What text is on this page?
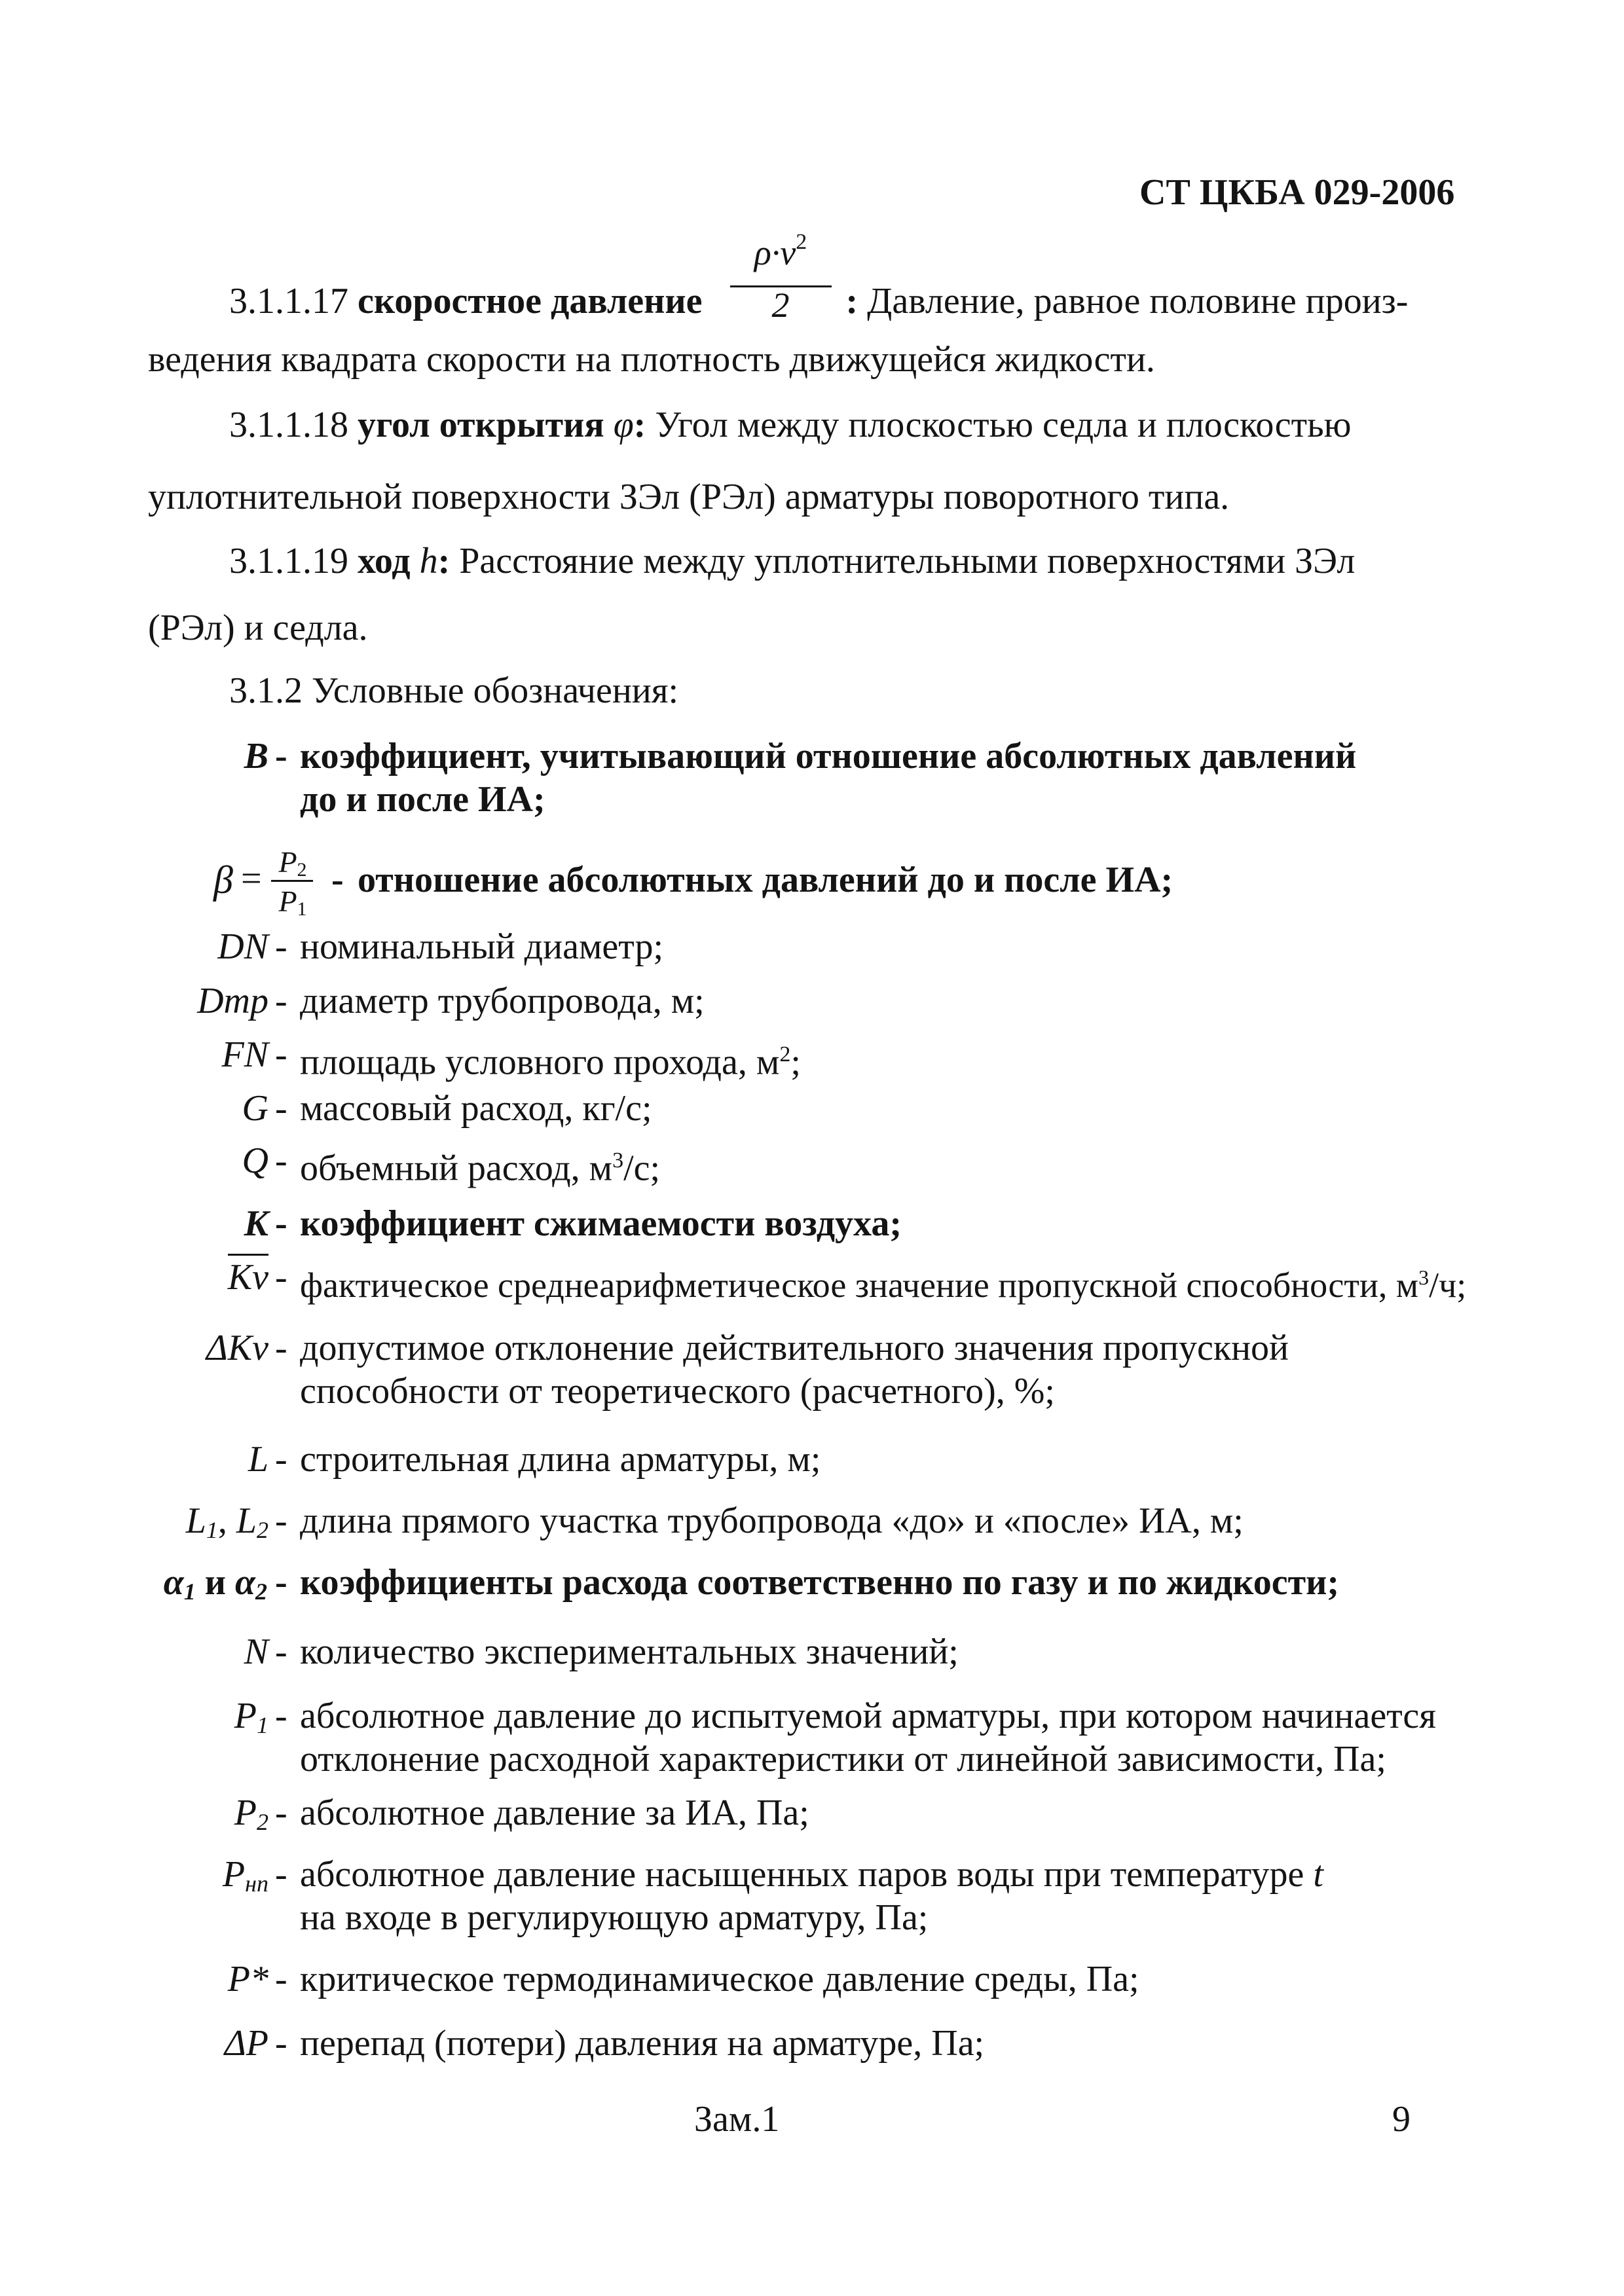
СТ ЦКБА 029-2006
3.1.1.17 скоростное давление $\frac{\rho\cdot v^2}{2}$ : Давление, равное половине произ-
ведения квадрата скорости на плотность движущейся жидкости.
3.1.1.18 угол открытия φ: Угол между плоскостью седла и плоскостью
уплотнительной поверхности ЗЭл (РЭл) арматуры поворотного типа.
3.1.1.19 ход h: Расстояние между уплотнительными поверхностями ЗЭл
(РЭл) и седла.
3.1.2 Условные обозначения:
B - коэффициент, учитывающий отношение абсолютных давлений
до и после ИА;
$\beta = P_2$
$P_1$
- отношение абсолютных давлений до и после ИА;
DN - номинальный диаметр;
Dтр - диаметр трубопровода, м;
FN - площадь условного прохода, $м^2$;
G - массовый расход, кг/с;
Q - объемный расход, $м^3/с$;
K - коэффициент сжимаемости воздуха;
Kv - фактическое среднеарифметическое значение пропускной способности, $м^3/ч$;
ΔKv - допустимое отклонение действительного значения пропускной
способности от теоретического (расчетного), %;
L - строительная длина арматуры, м;
$L_1$, $L_2$ - длина прямого участка трубопровода «до» и «после» ИА, м;
$\alpha_1$ и $\alpha_2$ - коэффициенты расхода соответственно по газу и по жидкости;
N - количество экспериментальных значений;
$P_1$ - абсолютное давление до испытуемой арматуры, при котором начинается
отклонение расходной характеристики от линейной зависимости, Па;
$P_2$ - абсолютное давление за ИА, Па;
$P_{нп}$ - абсолютное давление насыщенных паров воды при температуре t
на входе в регулирующую арматуру, Па;
P* - критическое термодинамическое давление среды, Па;
ΔP - перепад (потери) давления на арматуре, Па;
Зам.1	9
